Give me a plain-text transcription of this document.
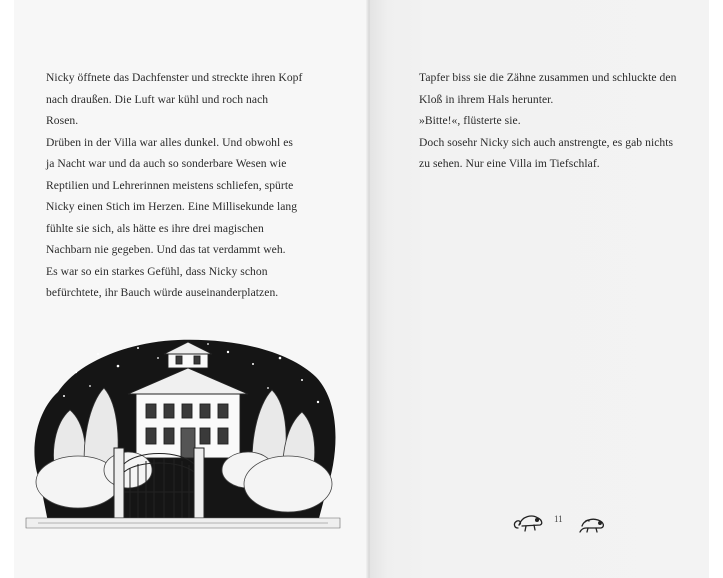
Nicky öffnete das Dachfenster und streckte ihren Kopf
nach draußen. Die Luft war kühl und roch nach
Rosen.
Drüben in der Villa war alles dunkel. Und obwohl es
ja Nacht war und da auch so sonderbare Wesen wie
Reptilien und Lehrerinnen meistens schliefen, spürte
Nicky einen Stich im Herzen. Eine Millisekunde lang
fühlte sie sich, als hätte es ihre drei magischen
Nachbarn nie gegeben. Und das tat verdammt weh.
Es war so ein starkes Gefühl, dass Nicky schon
befürchtete, ihr Bauch würde auseinanderplatzen.
Tapfer biss sie die Zähne zusammen und schluckte den
Kloß in ihrem Hals herunter.
»Bitte!«, flüsterte sie.
Doch sosehr Nicky sich auch anstrengte, es gab nichts
zu sehen. Nur eine Villa im Tiefschlaf.
11
